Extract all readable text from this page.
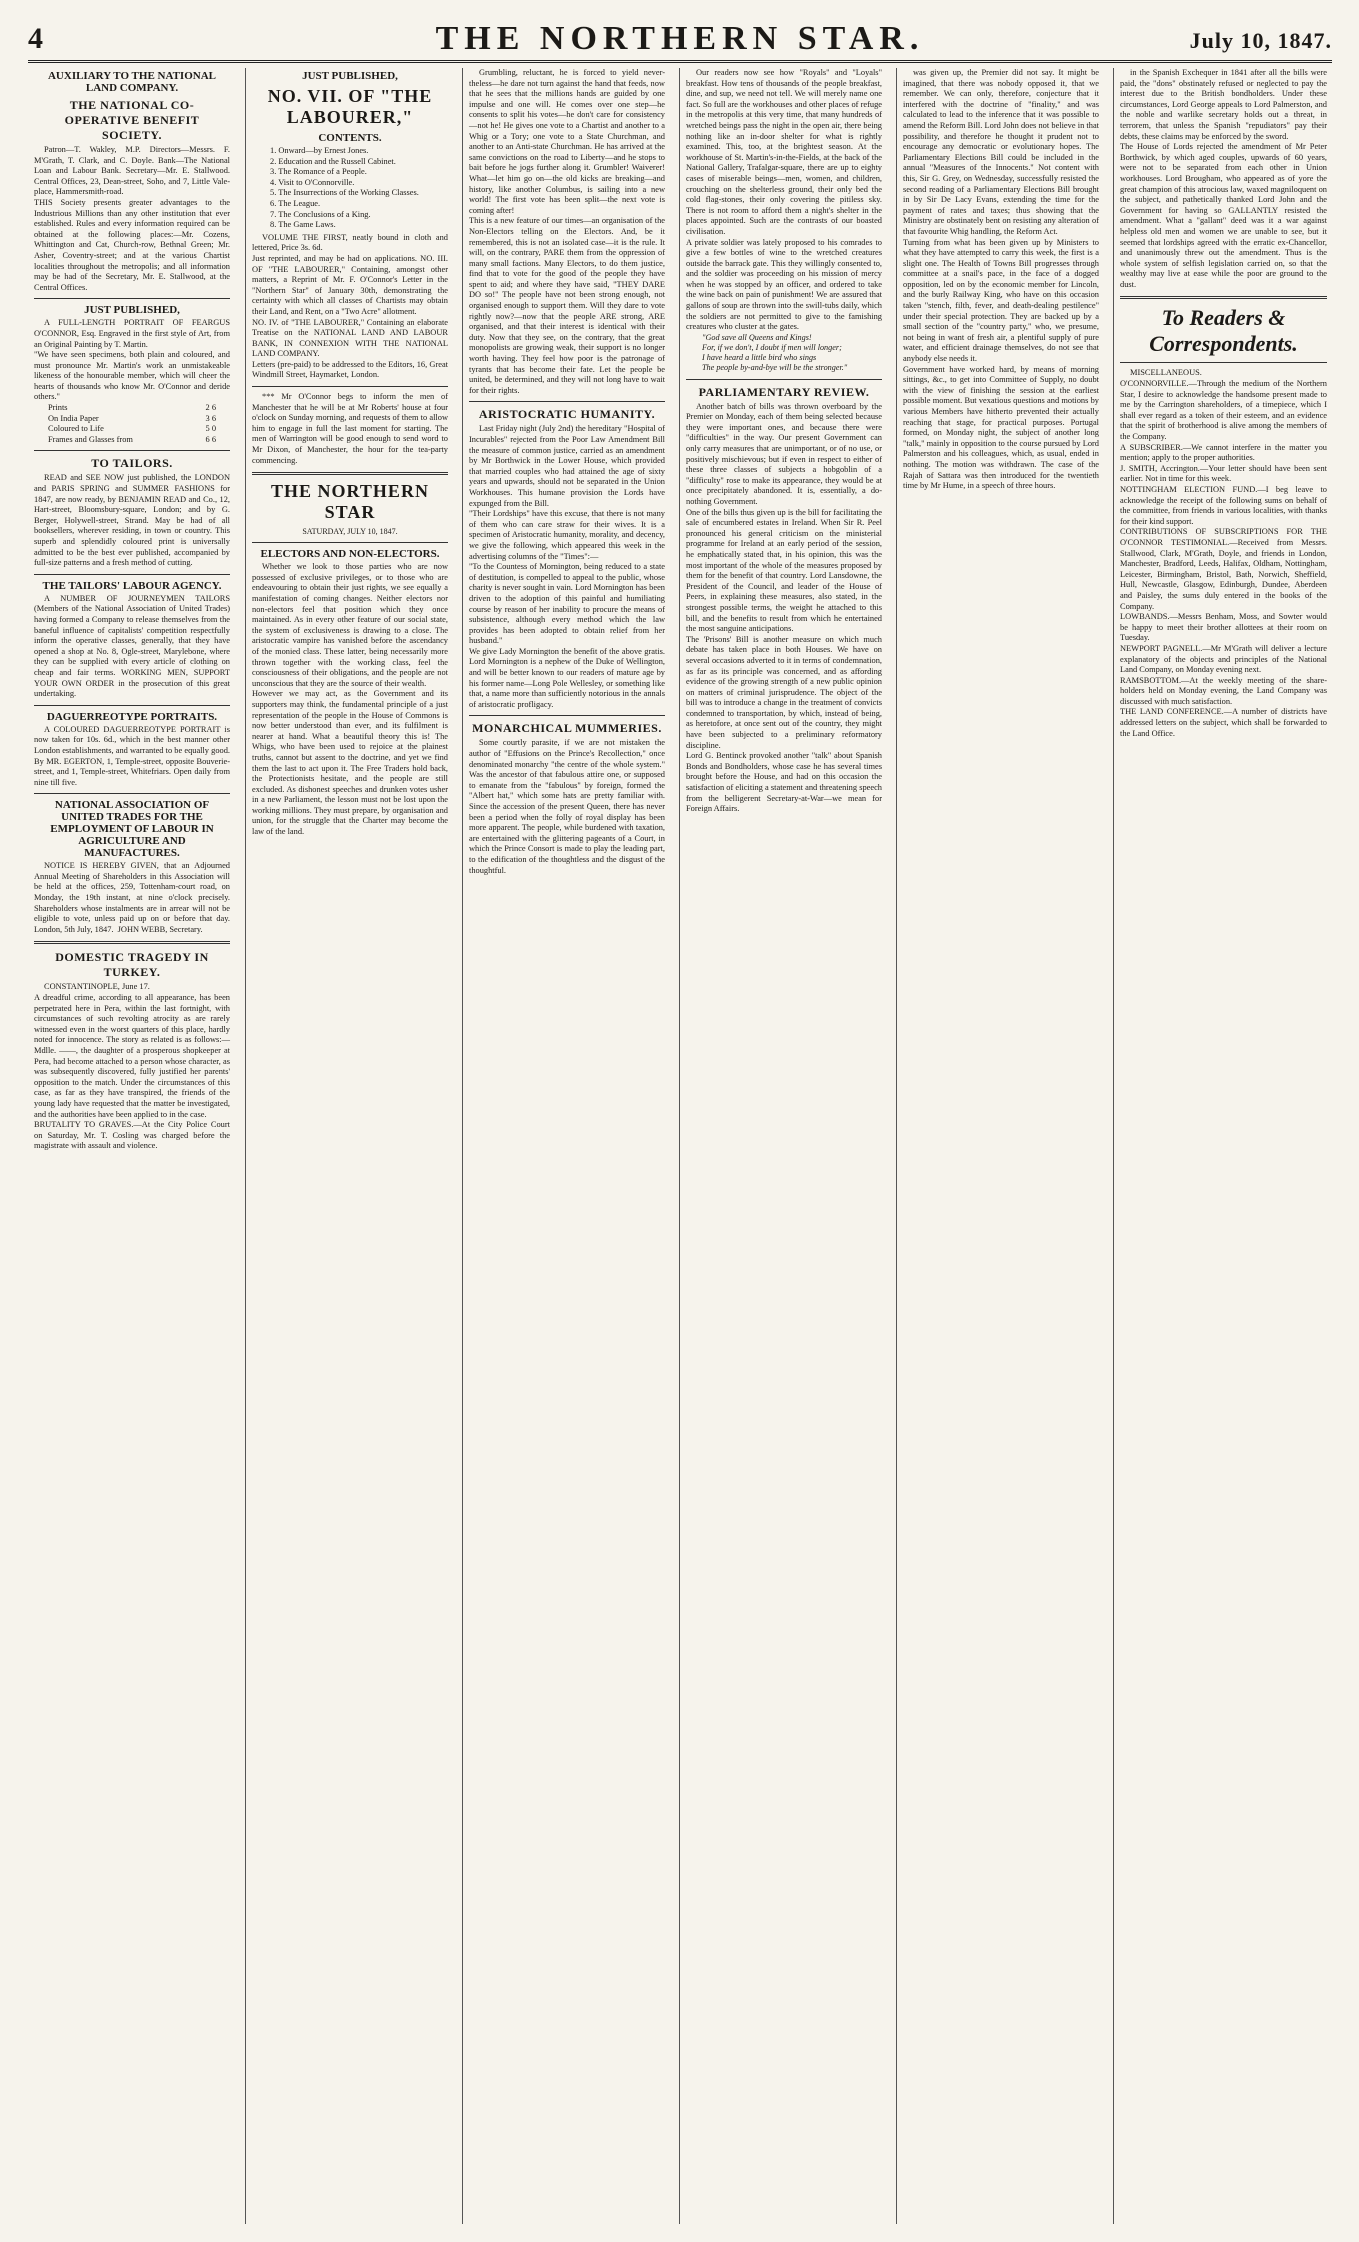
4	THE NORTHERN STAR.	July 10, 1847.
AUXILIARY TO THE NATIONAL LAND COMPANY.
THE NATIONAL CO-OPERATIVE BENEFIT SOCIETY.
Patron—T. Wakley, M.P. Directors—Messrs. F. M'Grath, T. Clark, and C. Doyle. Bank—The National Loan and Labour Bank. Secretary—Mr. E. Stallwood. Central Offices, 23, Dean-street, Soho, and 7, Little Vale-place, Hammersmith-road.
THIS Society presents greater advantages to the Industrious Millions than any other institution that ever established. Rules and every information required can be obtained at the following places:—Mr. Cozens, Whittington and Cat, Church-row, Bethnal Green; Mr. Asher, Coventry-street; and at the various Chartist localities throughout the metropolis; and all information may be had of the Secretary, Mr. E. Stallwood, at the Central Offices.
JUST PUBLISHED,
A FULL-LENGTH PORTRAIT OF FEARGUS O'CONNOR, Esq. Engraved in the first style of Art, from an Original Painting by T. Martin.
"We have seen specimens, both plain and coloured, and must pronounce Mr. Martin's work an unmistakeable likeness of the honourable member, which will cheer the hearts of thousands who know Mr. O'Connor and deride others."
Prints	2 6
On India Paper	3 6
Coloured to Life	5 0
Frames and Glasses from	6 6
TO TAILORS.
READ and SEE NOW just published, the LONDON and PARIS SPRING and SUMMER FASHIONS for 1847, are now ready, by BENJAMIN READ and Co., 12, Hart-street, Bloomsbury-square, London; and by G. Berger, Holywell-street, Strand. May be had of all booksellers, wherever residing, in town or country. This superb and splendidly coloured print is universally admitted to be the best ever published, accompanied by full-size patterns and a fresh method of cutting.
THE TAILORS' LABOUR AGENCY.
A NUMBER OF JOURNEYMEN TAILORS (Members of the National Association of United Trades) having formed a Company to release themselves from the baneful influence of capitalists' competition respectfully inform the operative classes, generally, that they have opened a shop at No. 8, Ogle-street, Marylebone, where they can be supplied with every article of clothing on cheap and fair terms. WORKING MEN, SUPPORT YOUR OWN ORDER in the prosecution of this great undertaking.
DAGUERREOTYPE PORTRAITS.
A COLOURED DAGUERREOTYPE PORTRAIT is now taken for 10s. 6d., which in the best manner other London establishments, and warranted to be equally good. By MR. EGERTON, 1, Temple-street, opposite Bouverie-street, and 1, Temple-street, Whitefriars. Open daily from nine till five.
NATIONAL ASSOCIATION OF UNITED TRADES FOR THE EMPLOYMENT OF LABOUR IN AGRICULTURE AND MANUFACTURES.
NOTICE IS HEREBY GIVEN, that an Adjourned Annual Meeting of Shareholders in this Association will be held at the offices, 259, Tottenham-court road, on Monday, the 19th instant, at nine o'clock precisely. Shareholders whose instalments are in arrear will not be eligible to vote, unless paid up on or before that day. London, 5th July, 1847.  JOHN WEBB, Secretary.
DOMESTIC TRAGEDY IN TURKEY.
CONSTANTINOPLE, June 17.
A dreadful crime, according to all appearance, has been perpetrated here in Pera, within the last fortnight, with circumstances of such revolting atrocity as are rarely witnessed even in the worst quarters of this place, hardly noted for innocence. The story as related is as follows:—Mdlle. ——, the daughter of a prosperous shopkeeper at Pera, had become attached to a person whose character, as was subsequently discovered, fully justified her parents' opposition to the match. Under the circumstances of this case, as far as they have transpired, the friends of the young lady have requested that the matter be investigated, and the authorities have been applied to in the case.
BRUTALITY TO GRAVES.—At the City Police Court on Saturday, Mr. T. Cosling was charged before the magistrate with assault and violence.
JUST PUBLISHED,
NO. VII. OF "THE LABOURER,"
CONTENTS.
1. Onward—by Ernest Jones.
2. Education and the Russell Cabinet.
3. The Romance of a People.
4. Visit to O'Connorville.
5. The Insurrections of the Working Classes.
6. The League.
7. The Conclusions of a King.
8. The Game Laws.
VOLUME THE FIRST, neatly bound in cloth and lettered, Price 3s. 6d.
Just reprinted, and may be had on applications. NO. III. OF "THE LABOURER," Containing, amongst other matters, a Reprint of Mr. F. O'Connor's Letter in the "Northern Star" of January 30th, demonstrating the certainty with which all classes of Chartists may obtain their Land, and Rent, on a "Two Acre" allotment.
NO. IV. of "THE LABOURER," Containing an elaborate Treatise on the NATIONAL LAND AND LABOUR BANK, IN CONNEXION WITH THE NATIONAL LAND COMPANY.
Letters (pre-paid) to be addressed to the Editors, 16, Great Windmill Street, Haymarket, London.
*** Mr O'Connor begs to inform the men of Manchester that he will be at Mr Roberts' house at four o'clock on Sunday morning, and requests of them to allow him to engage in full the last moment for starting. The men of Warrington will be good enough to send word to Mr Dixon, of Manchester, the hour for the tea-party commencing.
THE NORTHERN STAR
SATURDAY, JULY 10, 1847.
ELECTORS AND NON-ELECTORS.
Whether we look to those parties who are now possessed of exclusive privileges, or to those who are endeavouring to obtain their just rights, we see equally a manifestation of coming changes. Neither electors nor non-electors feel that position which they once maintained. As in every other feature of our social state, the system of exclusiveness is drawing to a close. The aristocratic vampire has vanished before the ascendancy of the monied class. These latter, being necessarily more thrown together with the working class, feel the consciousness of their obligations, and the people are not unconscious that they are the source of their wealth.
However we may act, as the Government and its supporters may think, the fundamental principle of a just representation of the people in the House of Commons is now better understood than ever, and its fulfilment is nearer at hand. What a beautiful theory this is! The Whigs, who have been used to rejoice at the plainest truths, cannot but assent to the doctrine, and yet we find them the last to act upon it. The Free Traders hold back, the Protectionists hesitate, and the people are still excluded. As dishonest speeches and drunken votes usher in a new Parliament, the lesson must not be lost upon the working millions. They must prepare, by organisation and union, for the struggle that the Charter may become the law of the land.
Grumbling, reluctant, he is forced to yield never-theless—he dare not turn against the hand that feeds, now that he sees that the millions hands are guided by one impulse and one will. He comes over one step—he consents to split his votes—he don't care for consistency—not he! He gives one vote to a Chartist and another to a Whig or a Tory; one vote to a State Churchman, and another to an Anti-state Churchman. He has arrived at the same convictions on the road to Liberty—and he stops to bait before he jogs further along it. Grumbler! Waiverer! What—let him go on—the old kicks are breaking—and history, like another Columbus, is sailing into a new world! The first vote has been split—the next vote is coming after!
This is a new feature of our times—an organisation of the Non-Electors telling on the Electors. And, be it remembered, this is not an isolated case—it is the rule. It will, on the contrary, PARE them from the oppression of many small factions. Many Electors, to do them justice, find that to vote for the good of the people they have spent to aid; and where they have said, "THEY DARE DO so!" The people have not been strong enough, not organised enough to support them. Will they dare to vote rightly now?—now that the people ARE strong, ARE organised, and that their interest is identical with their duty. Now that they see, on the contrary, that the great monopolists are growing weak, their support is no longer worth having. They feel how poor is the patronage of tyrants that has become their fate. Let the people be united, be determined, and they will not long have to wait for their rights.
ARISTOCRATIC HUMANITY.
Last Friday night (July 2nd) the hereditary "Hospital of Incurables" rejected from the Poor Law Amendment Bill the measure of common justice, carried as an amendment by Mr Borthwick in the Lower House, which provided that married couples who had attained the age of sixty years and upwards, should not be separated in the Union Workhouses. This humane provision the Lords have expunged from the Bill.
"Their Lordships" have this excuse, that there is not many of them who can care straw for their wives. It is a specimen of Aristocratic humanity, morality, and decency, we give the following, which appeared this week in the advertising columns of the "Times":—
"To the Countess of Mornington, being reduced to a state of destitution, is compelled to appeal to the public, whose charity is never sought in vain. Lord Mornington has been driven to the adoption of this painful and humiliating course by reason of her inability to procure the means of subsistence, although every method which the law provides has been adopted to obtain relief from her husband."
We give Lady Mornington the benefit of the above gratis. Lord Mornington is a nephew of the Duke of Wellington, and will be better known to our readers of mature age by his former name—Long Pole Wellesley, or something like that, a name more than sufficiently notorious in the annals of aristocratic profligacy.
MONARCHICAL MUMMERIES.
Some courtly parasite, if we are not mistaken the author of "Effusions on the Prince's Recollection," once denominated monarchy "the centre of the whole system." Was the ancestor of that fabulous attire one, or supposed to emanate from the "fabulous" by foreign, formed the "Albert hat," which some hats are pretty familiar with. Since the accession of the present Queen, there has never been a period when the folly of royal display has been more apparent. The people, while burdened with taxation, are entertained with the glittering pageants of a Court, in which the Prince Consort is made to play the leading part, to the edification of the thoughtless and the disgust of the thoughtful.
Our readers now see how "Royals" and "Loyals" breakfast. How tens of thousands of the people breakfast, dine, and sup, we need not tell. We will merely name one fact. So full are the workhouses and other places of refuge in the metropolis at this very time, that many hundreds of wretched beings pass the night in the open air, there being nothing like an in-door shelter for what is rightly examined. This, too, at the brightest season. At the workhouse of St. Martin's-in-the-Fields, at the back of the National Gallery, Trafalgar-square, there are up to eighty cases of miserable beings—men, women, and children, crouching on the shelterless ground, their only bed the cold flag-stones, their only covering the pitiless sky. There is not room to afford them a night's shelter in the places appointed. Such are the contrasts of our boasted civilisation.
A private soldier was lately proposed to his comrades to give a few bottles of wine to the wretched creatures outside the barrack gate. This they willingly consented to, and the soldier was proceeding on his mission of mercy when he was stopped by an officer, and ordered to take the wine back on pain of punishment! We are assured that gallons of soup are thrown into the swill-tubs daily, which the soldiers are not permitted to give to the famishing creatures who cluster at the gates.
"God save all Queens and Kings!
For, if we don't, I doubt if men will longer;
I have heard a little bird who sings
The people by-and-bye will be the stronger."
PARLIAMENTARY REVIEW.
Another batch of bills was thrown overboard by the Premier on Monday, each of them being selected because they were important ones, and because there were "difficulties" in the way. Our present Government can only carry measures that are unimportant, or of no use, or positively mischievous; but if even in respect to either of these three classes of subjects a hobgoblin of a "difficulty" rose to make its appearance, they would be at once precipitately abandoned. It is, essentially, a do-nothing Government.
One of the bills thus given up is the bill for facilitating the sale of encumbered estates in Ireland. When Sir R. Peel pronounced his general criticism on the ministerial programme for Ireland at an early period of the session, he emphatically stated that, in his opinion, this was the most important of the whole of the measures proposed by them for the benefit of that country. Lord Lansdowne, the President of the Council, and leader of the House of Peers, in explaining these measures, also stated, in the strongest possible terms, the weight he attached to this bill, and the benefits to result from which he entertained the most sanguine anticipations.
The 'Prisons' Bill is another measure on which much debate has taken place in both Houses. We have on several occasions adverted to it in terms of condemnation, as far as its principle was concerned, and as affording evidence of the growing strength of a new public opinion on matters of criminal jurisprudence. The object of the bill was to introduce a change in the treatment of convicts condemned to transportation, by which, instead of being, as heretofore, at once sent out of the country, they might have been subjected to a preliminary reformatory discipline.
Lord G. Bentinck provoked another "talk" about Spanish Bonds and Bondholders, whose case he has several times brought before the House, and had on this occasion the satisfaction of eliciting a statement and threatening speech from the belligerent Secretary-at-War—we mean for Foreign Affairs.
was given up, the Premier did not say. It might be imagined, that there was nobody opposed it, that we remember. We can only, therefore, conjecture that it interfered with the doctrine of "finality," and was calculated to lead to the inference that it was possible to amend the Reform Bill. Lord John does not believe in that possibility, and therefore he thought it prudent not to encourage any democratic or evolutionary hopes. The Parliamentary Elections Bill could be included in the annual "Measures of the Innocents." Not content with this, Sir G. Grey, on Wednesday, successfully resisted the second reading of a Parliamentary Elections Bill brought in by Sir De Lacy Evans, extending the time for the payment of rates and taxes; thus showing that the Ministry are obstinately bent on resisting any alteration of that favourite Whig handling, the Reform Act.
Turning from what has been given up by Ministers to what they have attempted to carry this week, the first is a slight one. The Health of Towns Bill progresses through committee at a snail's pace, in the face of a dogged opposition, led on by the economic member for Lincoln, and the burly Railway King, who have on this occasion taken "stench, filth, fever, and death-dealing pestilence" under their special protection. They are backed up by a small section of the "country party," who, we presume, not being in want of fresh air, a plentiful supply of pure water, and efficient drainage themselves, do not see that anybody else needs it.
Government have worked hard, by means of morning sittings, &c., to get into Committee of Supply, no doubt with the view of finishing the session at the earliest possible moment. But vexatious questions and motions by various Members have hitherto prevented their actually reaching that stage, for practical purposes. Portugal formed, on Monday night, the subject of another long "talk," mainly in opposition to the course pursued by Lord Palmerston and his colleagues, which, as usual, ended in nothing. The motion was withdrawn. The case of the Rajah of Sattara was then introduced for the twentieth time by Mr Hume, in a speech of three hours.
in the Spanish Exchequer in 1841 after all the bills were paid, the "dons" obstinately refused or neglected to pay the interest due to the British bondholders. Under these circumstances, Lord George appeals to Lord Palmerston, and the noble and warlike secretary holds out a threat, in terrorem, that unless the Spanish "repudiators" pay their debts, these claims may be enforced by the sword.
The House of Lords rejected the amendment of Mr Peter Borthwick, by which aged couples, upwards of 60 years, were not to be separated from each other in Union workhouses. Lord Brougham, who appeared as of yore the great champion of this atrocious law, waxed magniloquent on the subject, and pathetically thanked Lord John and the Government for having so GALLANTLY resisted the amendment. What a "gallant" deed was it a war against helpless old men and women we are unable to see, but it seemed that lordships agreed with the erratic ex-Chancellor, and unanimously threw out the amendment. Thus is the whole system of selfish legislation carried on, so that the wealthy may live at ease while the poor are ground to the dust.
To Readers & Correspondents.
MISCELLANEOUS.
O'CONNORVILLE.—Through the medium of the Northern Star, I desire to acknowledge the handsome present made to me by the Carrington shareholders, of a timepiece, which I shall ever regard as a token of their esteem, and an evidence that the spirit of brotherhood is alive among the members of the Company.
A SUBSCRIBER.—We cannot interfere in the matter you mention; apply to the proper authorities.
J. SMITH, Accrington.—Your letter should have been sent earlier. Not in time for this week.
NOTTINGHAM ELECTION FUND.—I beg leave to acknowledge the receipt of the following sums on behalf of the committee, from friends in various localities, with thanks for their kind support.
CONTRIBUTIONS OF SUBSCRIPTIONS FOR THE O'CONNOR TESTIMONIAL.—Received from Messrs. Stallwood, Clark, M'Grath, Doyle, and friends in London, Manchester, Bradford, Leeds, Halifax, Oldham, Nottingham, Leicester, Birmingham, Bristol, Bath, Norwich, Sheffield, Hull, Newcastle, Glasgow, Edinburgh, Dundee, Aberdeen and Paisley, the sums duly entered in the books of the Company.
LOWBANDS.—Messrs Benham, Moss, and Sowter would be happy to meet their brother allottees at their room on Tuesday.
NEWPORT PAGNELL.—Mr M'Grath will deliver a lecture explanatory of the objects and principles of the National Land Company, on Monday evening next.
RAMSBOTTOM.—At the weekly meeting of the share-holders held on Monday evening, the Land Company was discussed with much satisfaction.
THE LAND CONFERENCE.—A number of districts have addressed letters on the subject, which shall be forwarded to the Land Office.
